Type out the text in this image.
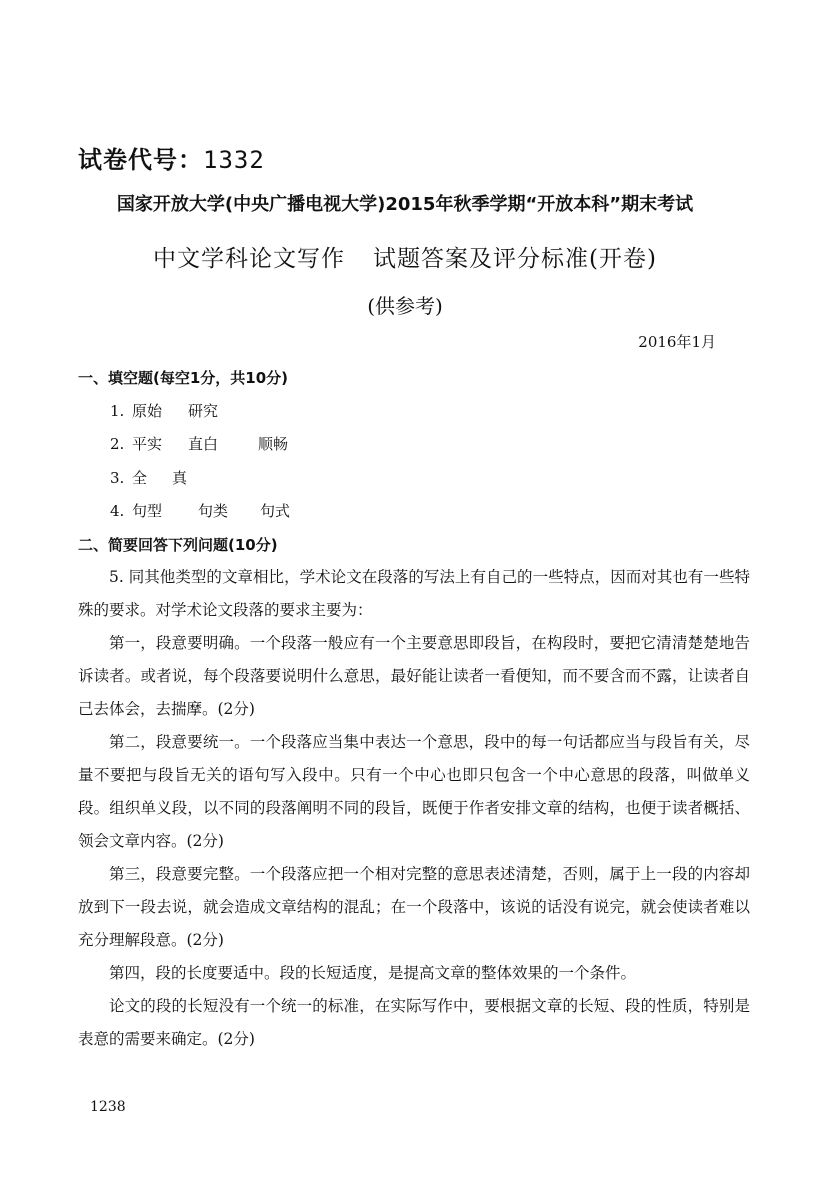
试卷代号：1332
国家开放大学(中央广播电视大学)2015年秋季学期“开放本科”期末考试
中文学科论文写作 试题答案及评分标准(开卷)
(供参考)
2016年1月
一、填空题(每空1分，共10分)
1. 原始 研究
2. 平实 直白	顺畅
3. 全 真
4. 句型 句类 句式
二、简要回答下列问题(10分)

5. 同其他类型的文章相比，学术论文在段落的写法上有自己的一些特点，因而对其也有一些特殊的要求。对学术论文段落的要求主要为：

第一，段意要明确。一个段落一般应有一个主要意思即段旨，在构段时，要把它清清楚楚地告诉读者。或者说，每个段落要说明什么意思，最好能让读者一看便知，而不要含而不露，让读者自己去体会，去揣摩。(2分)

第二，段意要统一。一个段落应当集中表达一个意思，段中的每一句话都应当与段旨有关，尽量不要把与段旨无关的语句写入段中。只有一个中心也即只包含一个中心意思的段落，叫做单义段。组织单义段，以不同的段落阐明不同的段旨，既便于作者安排文章的结构，也便于读者概括、领会文章内容。(2分)

第三，段意要完整。一个段落应把一个相对完整的意思表述清楚，否则，属于上一段的内容却放到下一段去说，就会造成文章结构的混乱；在一个段落中，该说的话没有说完，就会使读者难以充分理解段意。(2分)

第四，段的长度要适中。段的长短适度，是提高文章的整体效果的一个条件。

论文的段的长短没有一个统一的标准，在实际写作中，要根据文章的长短、段的性质，特别是表意的需要来确定。(2分)

1238
